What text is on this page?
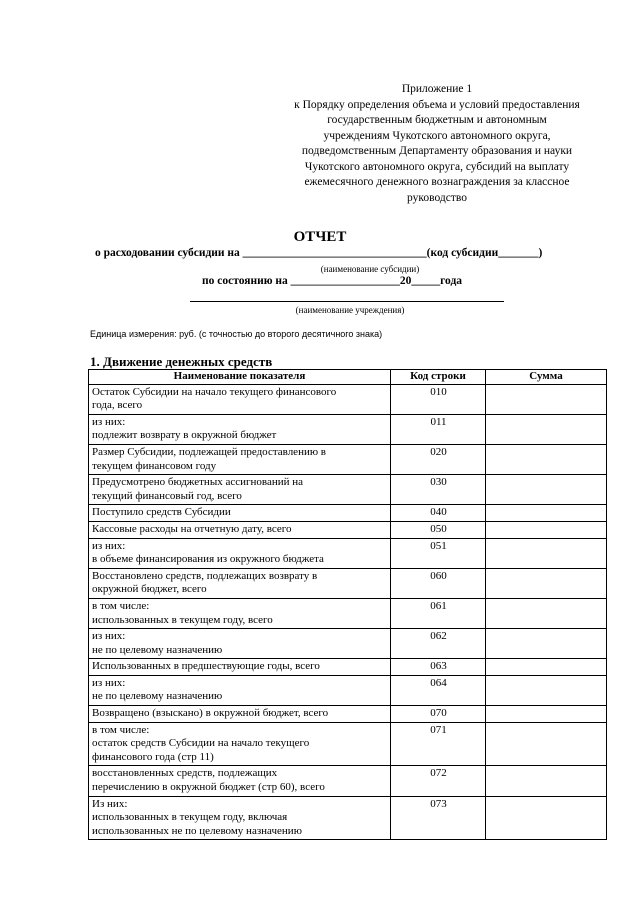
Приложение 1
к Порядку определения объема и условий предоставления
государственным бюджетным и автономным
учреждениям Чукотского автономного округа,
подведомственным Департаменту образования и науки
Чукотского автономного округа, субсидий на выплату
ежемесячного денежного вознаграждения за классное
руководство
ОТЧЕТ
о расходовании субсидии на ________________________________(код субсидии_______)
(наименование субсидии)
по состоянию на ___________________20_____года
(наименование учреждения)
Единица измерения: руб. (с точностью до второго десятичного знака)
1. Движение денежных средств
Наименование показателя	Код строки	Сумма

Остаток Субсидии на начало текущего финансового
года, всего	010	

из них:
подлежит возврату в окружной бюджет	011	

Размер Субсидии, подлежащей предоставлению в
текущем финансовом году	020	

Предусмотрено бюджетных ассигнований на
текущий финансовый год, всего	030	

Поступило средств Субсидии	040	

Кассовые расходы на отчетную дату, всего	050	

из них:
в объеме финансирования из окружного бюджета	051	

Восстановлено средств, подлежащих возврату в
окружной бюджет, всего	060	

в том числе:
использованных в текущем году, всего	061	

из них:
не по целевому назначению	062	

Использованных в предшествующие годы, всего	063	

из них:
не по целевому назначению	064	

Возвращено (взыскано) в окружной бюджет, всего	070	

в том числе:
остаток средств Субсидии на начало текущего
финансового года (стр 11)	071	

восстановленных средств, подлежащих
перечислению в окружной бюджет (стр 60), всего	072	

Из них:
использованных в текущем году, включая
использованных не по целевому назначению	073	
